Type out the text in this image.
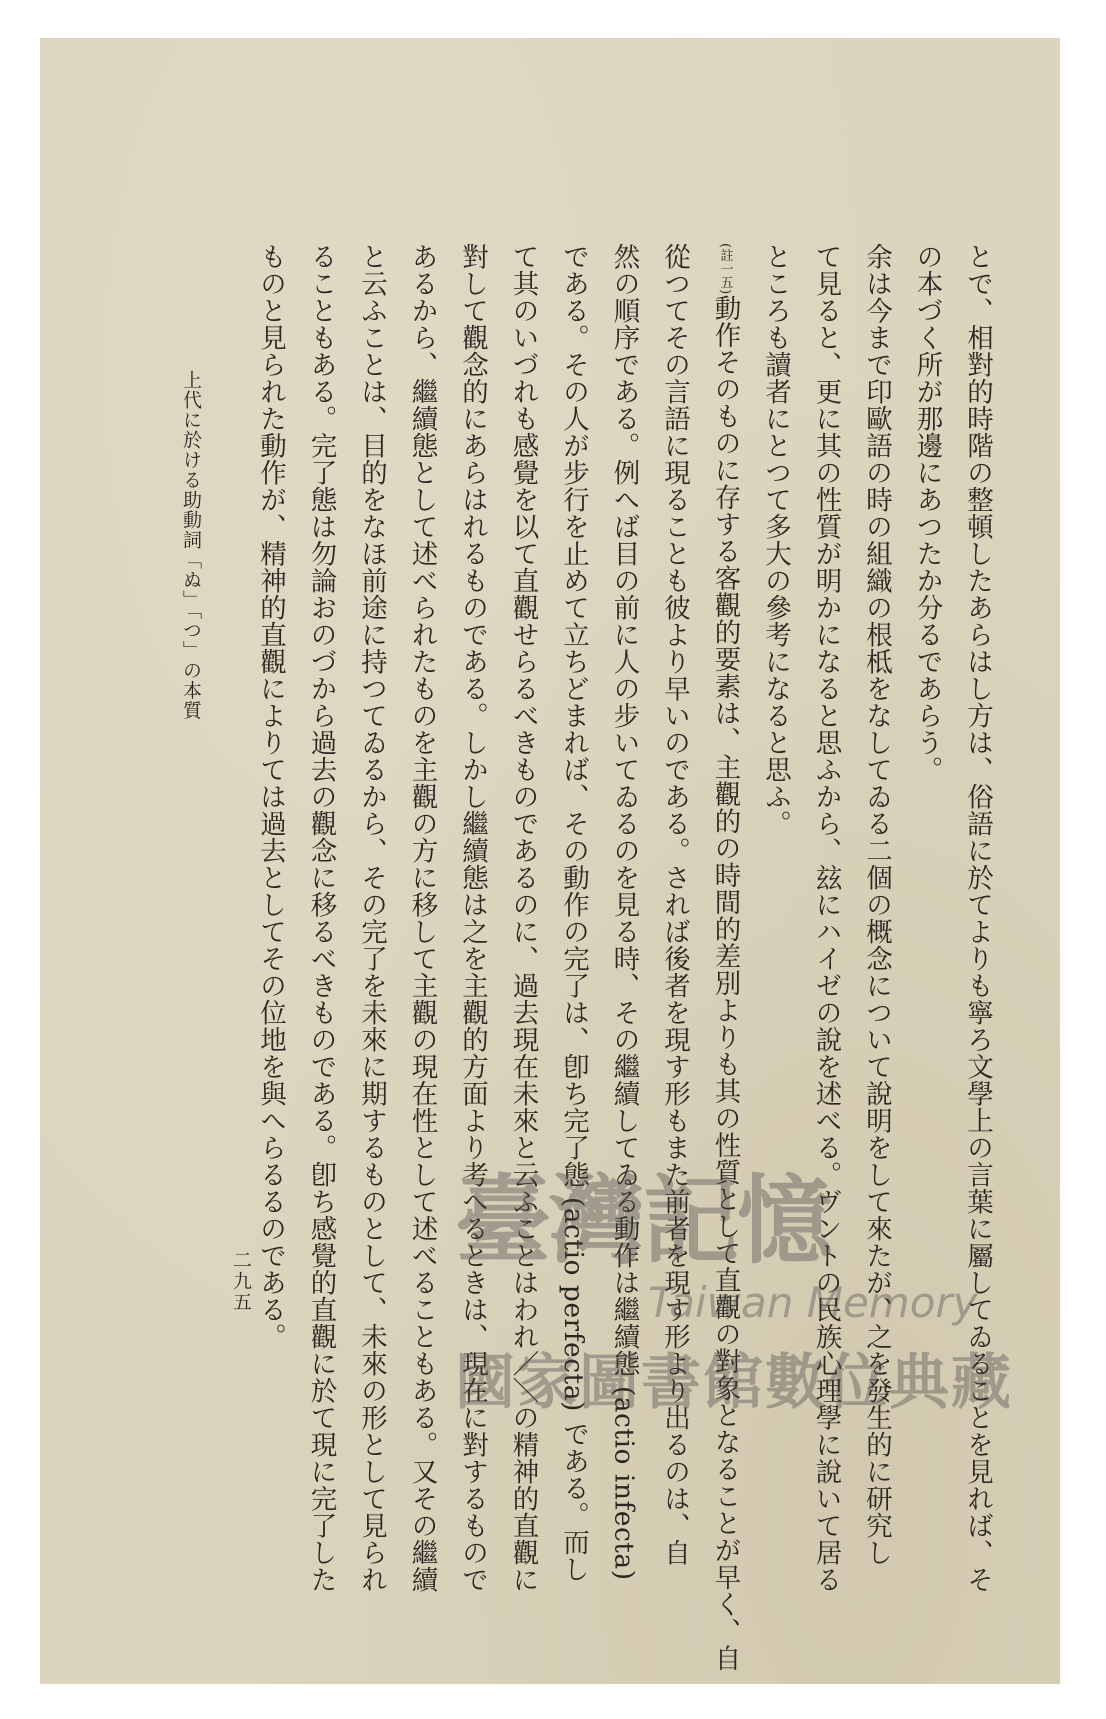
とで、相對的時階の整頓したあらはし方は、俗語に於てよりも寧ろ文學上の言葉に屬してゐることを見れば、そ
の本づく所が那邊にあつたか分るであらう。
余は今まで印歐語の時の組織の根柢をなしてゐる二個の概念について說明をして來たが、之を發生的に研究し
て見ると、更に其の性質が明かになると思ふから、玆にハイゼの說を述べる。ヴントの民族心理學に說いて居る
ところも讀者にとつて多大の參考になると思ふ。
(註一五)動作そのものに存する客觀的要素は、主觀的の時間的差別よりも其の性質として直觀の對象となることが早く、自
從つてその言語に現ることも彼より早いのである。されば後者を現す形もまた前者を現す形より出るのは、自
然の順序である。例へば目の前に人の步いてゐるのを見る時、その繼續してゐる動作は繼續態 (actio infecta)
である。その人が步行を止めて立ちどまれば、その動作の完了は、卽ち完了態 (actio perfecta) である。而し
て其のいづれも感覺を以て直觀せらるべきものであるのに、過去現在未來と云ふことはわれ／＼の精神的直觀に
對して觀念的にあらはれるものである。しかし繼續態は之を主觀的方面より考へるときは、現在に對するもので
あるから、繼續態として述べられたものを主觀の方に移して主觀の現在性として述べることもある。又その繼續
と云ふことは、目的をなほ前途に持つてゐるから、その完了を未來に期するものとして、未來の形として見られ
ることもある。完了態は勿論おのづから過去の觀念に移るべきものである。卽ち感覺的直觀に於て現に完了した
ものと見られた動作が、精神的直觀によりては過去としてその位地を與へらるるのである。
上代に於ける助動詞「ぬ」「つ」の本質
二九五
臺灣記憶
Taiwan Memory
國家圖書館數位典藏
